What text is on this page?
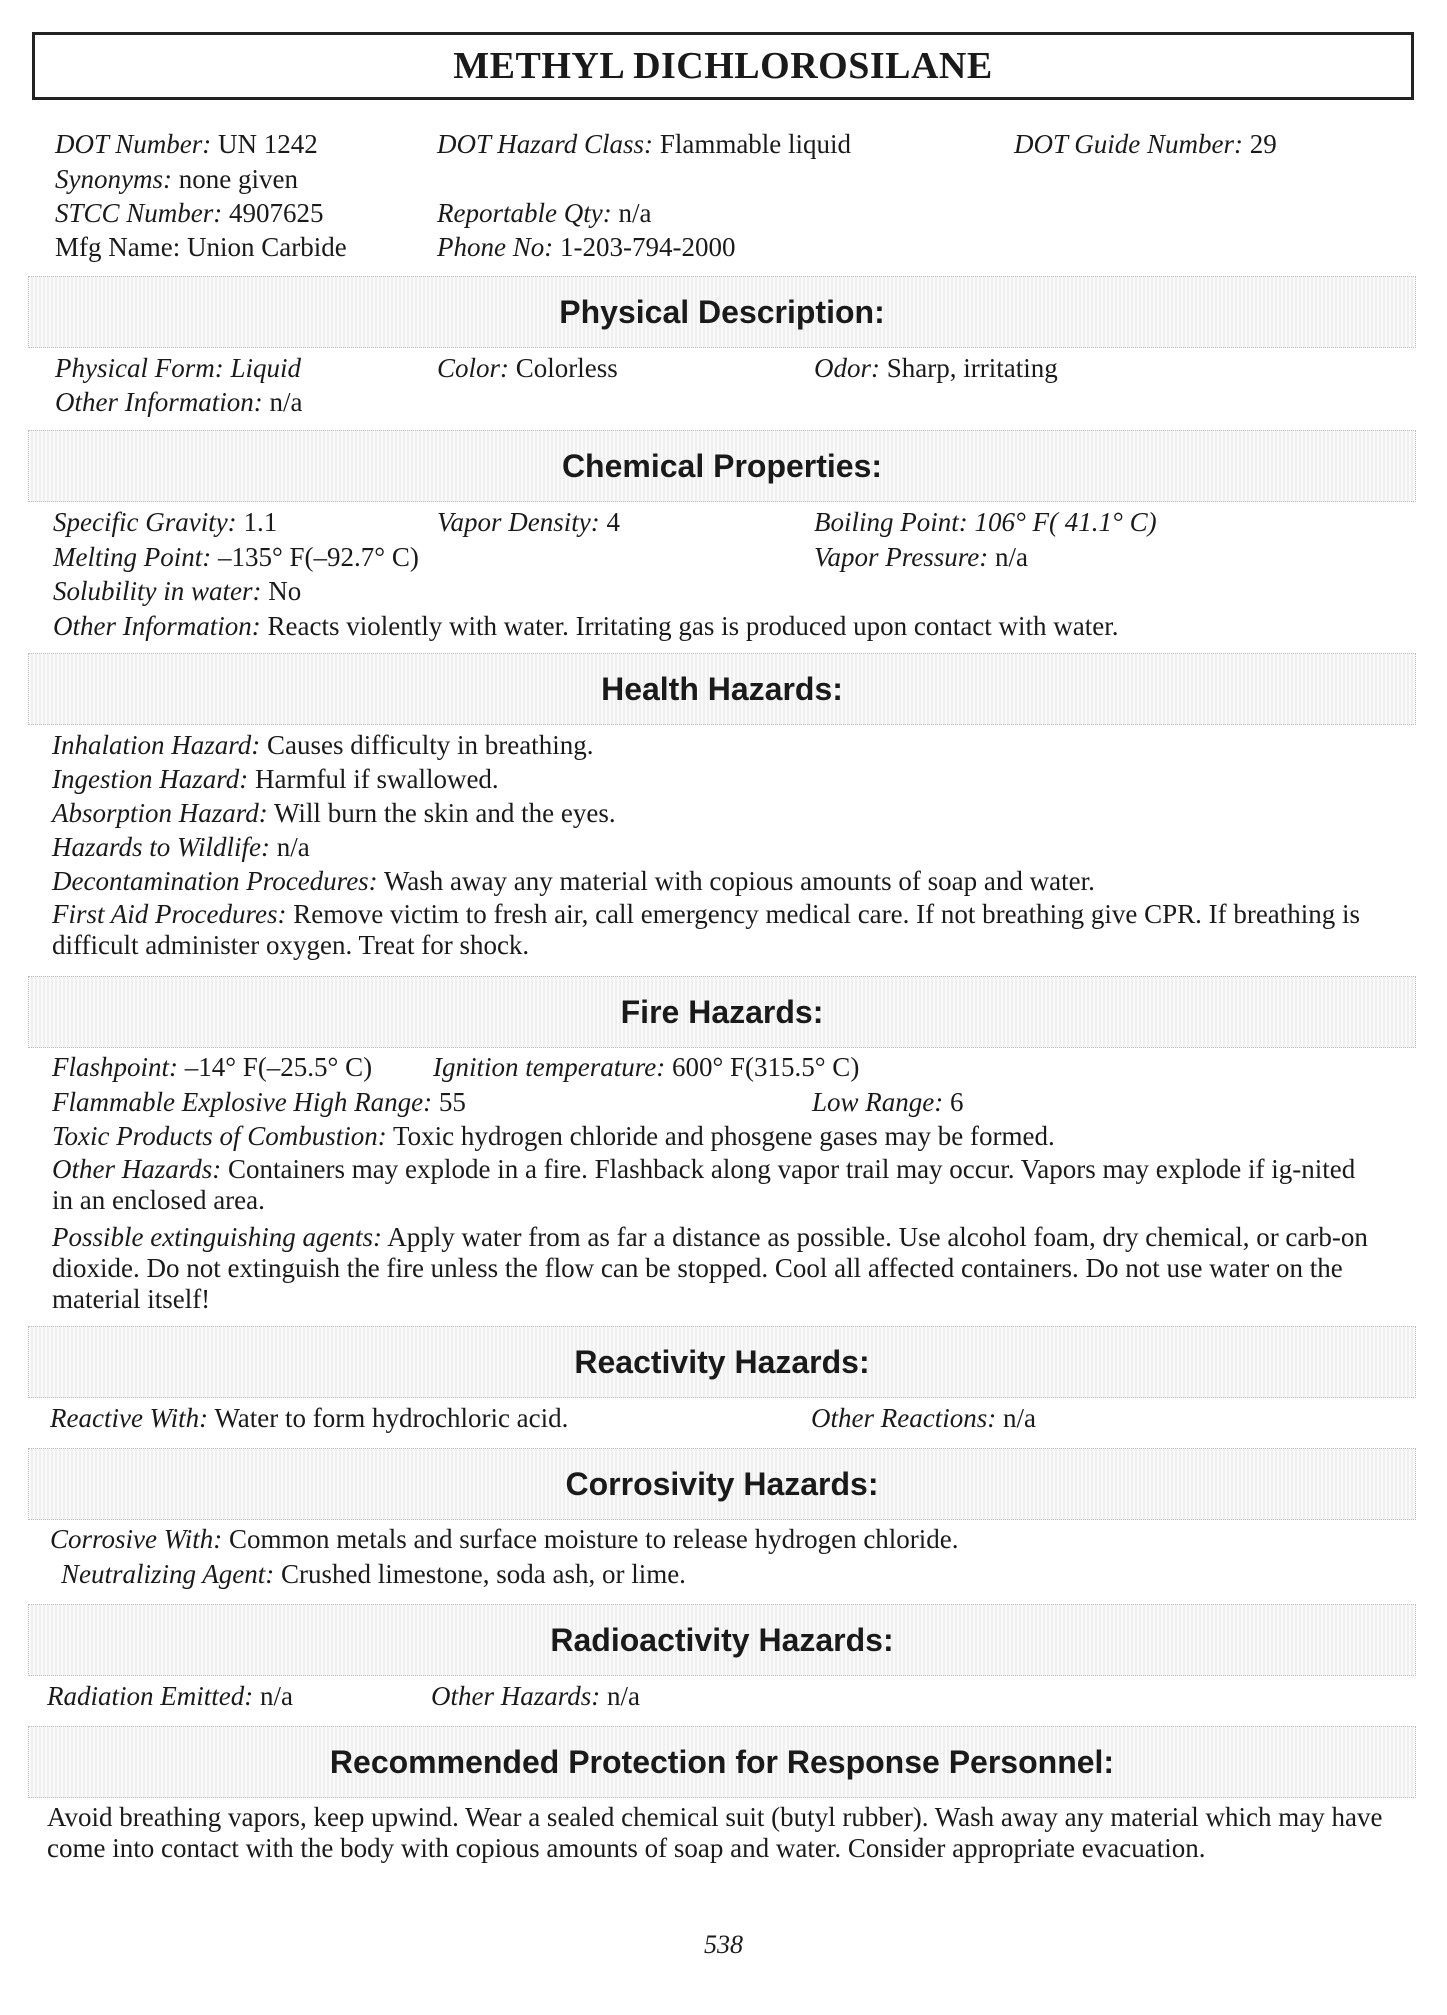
METHYL DICHLOROSILANE
DOT Number: UN 1242	DOT Hazard Class: Flammable liquid	DOT Guide Number: 29
Synonyms: none given
STCC Number: 4907625	Reportable Qty: n/a
Mfg Name: Union Carbide	Phone No: 1-203-794-2000
Physical Description:
Physical Form: Liquid	Color: Colorless	Odor: Sharp, irritating
Other Information: n/a
Chemical Properties:
Specific Gravity: 1.1	Vapor Density: 4	Boiling Point: 106° F( 41.1° C)
Melting Point: –135° F(–92.7° C)	Vapor Pressure: n/a
Solubility in water: No
Other Information: Reacts violently with water. Irritating gas is produced upon contact with water.
Health Hazards:
Inhalation Hazard: Causes difficulty in breathing.
Ingestion Hazard: Harmful if swallowed.
Absorption Hazard: Will burn the skin and the eyes.
Hazards to Wildlife: n/a
Decontamination Procedures: Wash away any material with copious amounts of soap and water.
First Aid Procedures: Remove victim to fresh air, call emergency medical care. If not breathing give CPR. If breathing is difficult administer oxygen. Treat for shock.
Fire Hazards:
Flashpoint: –14° F(–25.5° C) Ignition temperature: 600° F(315.5° C)
Flammable Explosive High Range: 55	Low Range: 6
Toxic Products of Combustion: Toxic hydrogen chloride and phosgene gases may be formed.
Other Hazards: Containers may explode in a fire. Flashback along vapor trail may occur. Vapors may explode if ig-nited in an enclosed area.
Possible extinguishing agents: Apply water from as far a distance as possible. Use alcohol foam, dry chemical, or carb-on dioxide. Do not extinguish the fire unless the flow can be stopped. Cool all affected containers. Do not use water on the material itself!
Reactivity Hazards:
Reactive With: Water to form hydrochloric acid.	Other Reactions: n/a
Corrosivity Hazards:
Corrosive With: Common metals and surface moisture to release hydrogen chloride.
Neutralizing Agent: Crushed limestone, soda ash, or lime.
Radioactivity Hazards:
Radiation Emitted: n/a	Other Hazards: n/a
Recommended Protection for Response Personnel:
Avoid breathing vapors, keep upwind. Wear a sealed chemical suit (butyl rubber). Wash away any material which may have come into contact with the body with copious amounts of soap and water. Consider appropriate evacuation.
538
